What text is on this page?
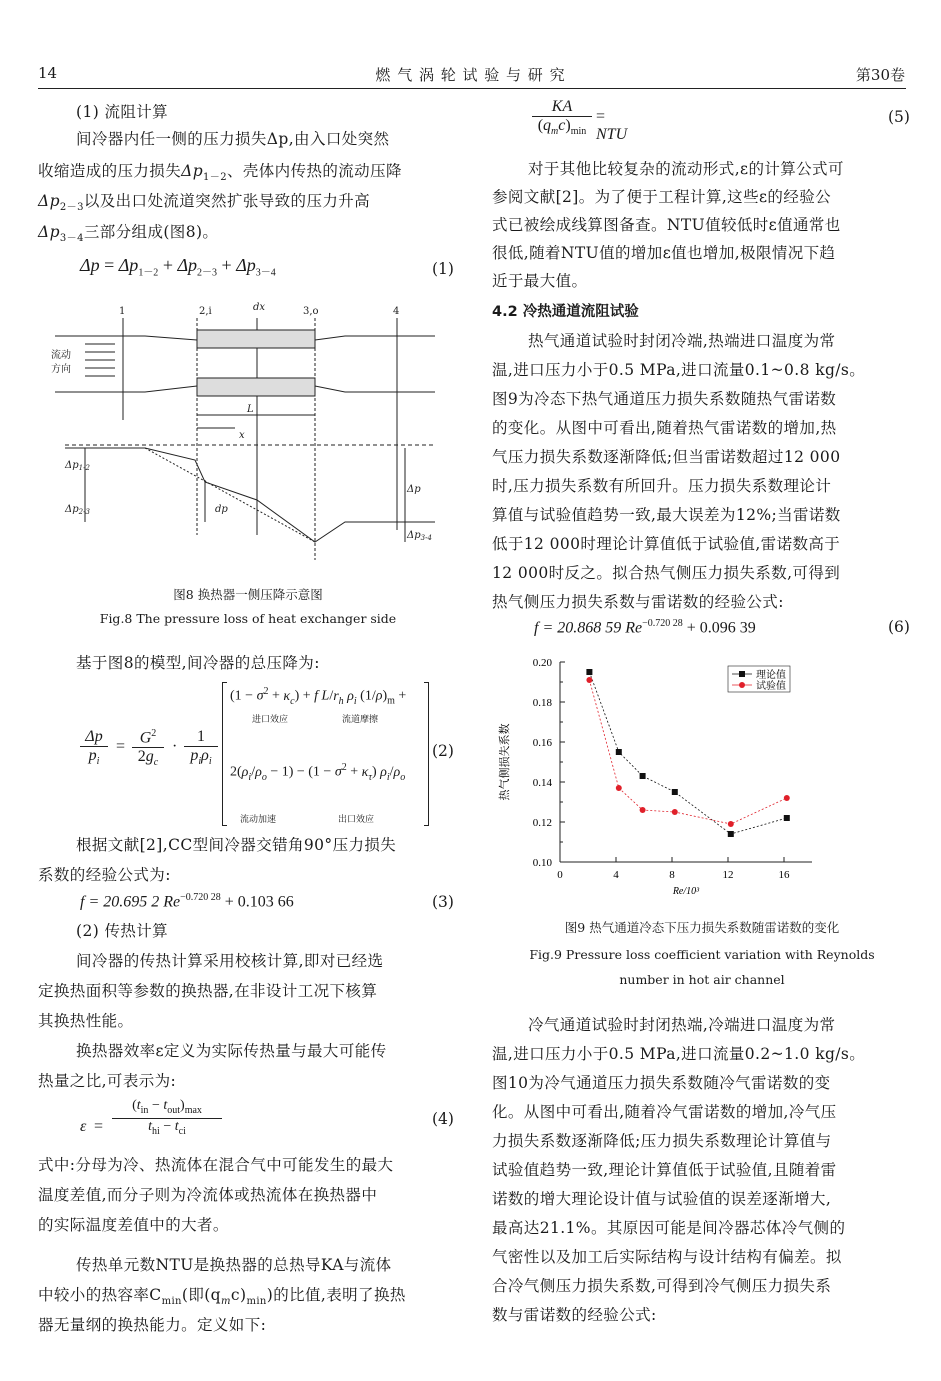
14	燃 气 涡 轮 试 验 与 研 究	第30卷
(1) 流阻计算
间冷器内任一侧的压力损失Δp,由入口处突然
收缩造成的压力损失$\Delta p_{1-2}$、壳体内传热的流动压降
$\Delta p_{2-3}$以及出口处流道突然扩张导致的压力升高
$\Delta p_{3-4}$三部分组成(图8)。
$\Delta p = \Delta p_{1-2} + \Delta p_{2-3} + \Delta p_{3-4}$	(1)
1	2,i	dx	3,o	4
流动
方向
L
x
$\Delta p_{1-2}$
$\Delta p_{2-3}$	dp
Δp
$\Delta p_{3-4}$
图8 换热器一侧压降示意图
Fig.8 The pressure loss of heat exchanger side
基于图8的模型,间冷器的总压降为:
Δp
$p_i$
=
$G^2$
$2g_c$
·
1
$p_i\rho_i$
$(1 - \sigma^2 + \kappa_c) + f$ $L/r_h$ $\rho_i$ $(1/\rho)_m$ +
进口效应	流道摩擦
$2(\rho_i/\rho_o - 1) - (1 - \sigma^2 + \kappa_\tau)$ $\rho_i/\rho_o$
流动加速	出口效应
(2)
根据文献[2],CC型间冷器交错角90°压力损失
系数的经验公式为:
f = 20.695 2 $Re^{-0.720 28} + 0.103$ 66	(3)
(2) 传热计算
间冷器的传热计算采用校核计算,即对已经选
定换热面积等参数的换热器,在非设计工况下核算
其换热性能。
换热器效率ε定义为实际传热量与最大可能传
热量之比,可表示为:
ε =
$(t_{in} - t_{out})_{max}$
$t_{hi} - t_{ci}$
(4)
式中:分母为冷、热流体在混合气中可能发生的最大
温度差值,而分子则为冷流体或热流体在换热器中
的实际温度差值中的大者。
传热单元数NTU是换热器的总热导KA与流体
中较小的热容率$C_{min}$(即$(q_mc)_{min}$)的比值,表明了换热
器无量纲的换热能力。定义如下:
KA
$(q_mc)_{min}$
= NTU
(5)
对于其他比较复杂的流动形式,ε的计算公式可
参阅文献[2]。为了便于工程计算,这些ε的经验公
式已被绘成线算图备查。NTU值较低时ε值通常也
很低,随着NTU值的增加ε值也增加,极限情况下趋
近于最大值。
4.2 冷热通道流阻试验
热气通道试验时封闭冷端,热端进口温度为常
温,进口压力小于0.5 MPa,进口流量0.1~0.8 kg/s。
图9为冷态下热气通道压力损失系数随热气雷诺数
的变化。从图中可看出,随着热气雷诺数的增加,热
气压力损失系数逐渐降低;但当雷诺数超过12 000
时,压力损失系数有所回升。压力损失系数理论计
算值与试验值趋势一致,最大误差为12%;当雷诺数
低于12 000时理论计算值低于试验值,雷诺数高于
12 000时反之。拟合热气侧压力损失系数,可得到
热气侧压力损失系数与雷诺数的经验公式:
f = 20.868 59 $Re^{-0.720 28} + 0.096$ 39	(6)
0.10
0.12
0.14
0.16
0.18
0.20
0	4	8	12	16
Re/10³
热气侧损失系数
理论值
试验值
图9 热气通道冷态下压力损失系数随雷诺数的变化
Fig.9 Pressure loss coefficient variation with Reynolds
number in hot air channel
冷气通道试验时封闭热端,冷端进口温度为常
温,进口压力小于0.5 MPa,进口流量0.2~1.0 kg/s。
图10为冷气通道压力损失系数随冷气雷诺数的变
化。从图中可看出,随着冷气雷诺数的增加,冷气压
力损失系数逐渐降低;压力损失系数理论计算值与
试验值趋势一致,理论计算值低于试验值,且随着雷
诺数的增大理论设计值与试验值的误差逐渐增大,
最高达21.1%。其原因可能是间冷器芯体冷气侧的
气密性以及加工后实际结构与设计结构有偏差。拟
合冷气侧压力损失系数,可得到冷气侧压力损失系
数与雷诺数的经验公式:
